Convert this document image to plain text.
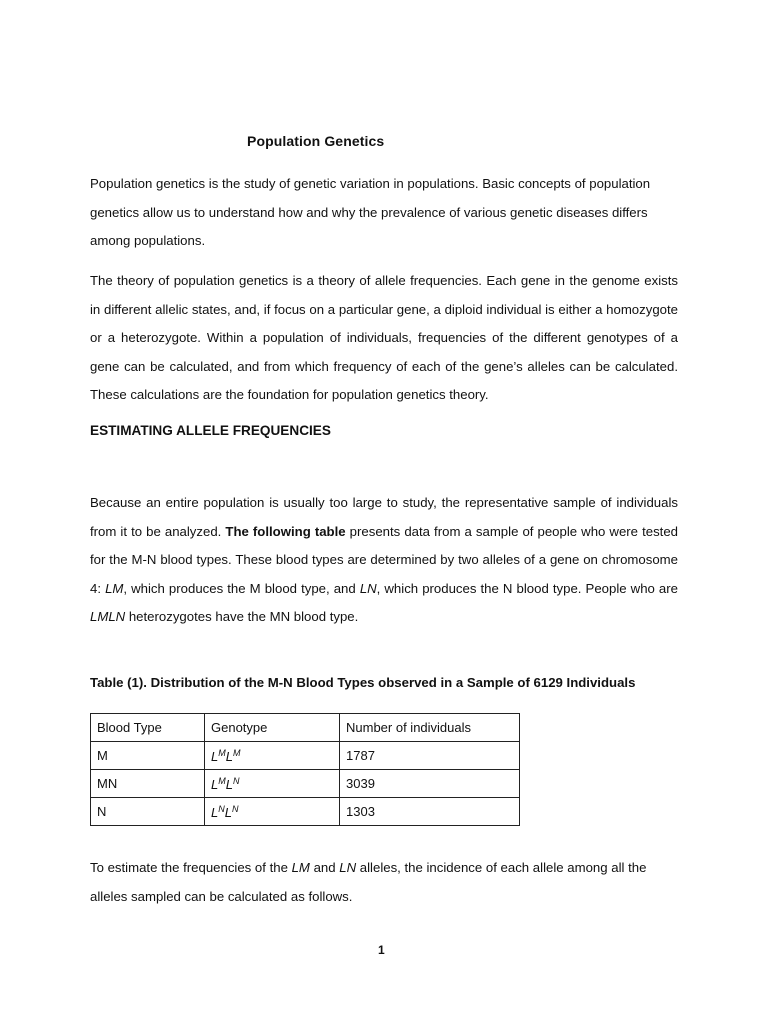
Population Genetics

Population genetics is the study of genetic variation in populations. Basic concepts of population genetics allow us to understand how and why the prevalence of various genetic diseases differs among populations.

The theory of population genetics is a theory of allele frequencies. Each gene in the genome exists in different allelic states, and, if focus on a particular gene, a diploid individual is either a homozygote or a heterozygote. Within a population of individuals, frequencies of the different genotypes of a gene can be calculated, and from which frequency of each of the gene’s alleles can be calculated. These calculations are the foundation for population genetics theory.

ESTIMATING ALLELE FREQUENCIES

Because an entire population is usually too large to study, the representative sample of individuals from it to be analyzed. The following table presents data from a sample of people who were tested for the M-N blood types. These blood types are determined by two alleles of a gene on chromosome 4: LM, which produces the M blood type, and LN, which produces the N blood type. People who are LMLN heterozygotes have the MN blood type.

Table (1). Distribution of the M-N Blood Types observed in a Sample of 6129 Individuals

Blood Type	Genotype	Number of individuals
M	$L^ML^M$	1787
MN	$L^ML^N$	3039
N	$L^NL^N$	1303

To estimate the frequencies of the LM and LN alleles, the incidence of each allele among all the alleles sampled can be calculated as follows.

1
